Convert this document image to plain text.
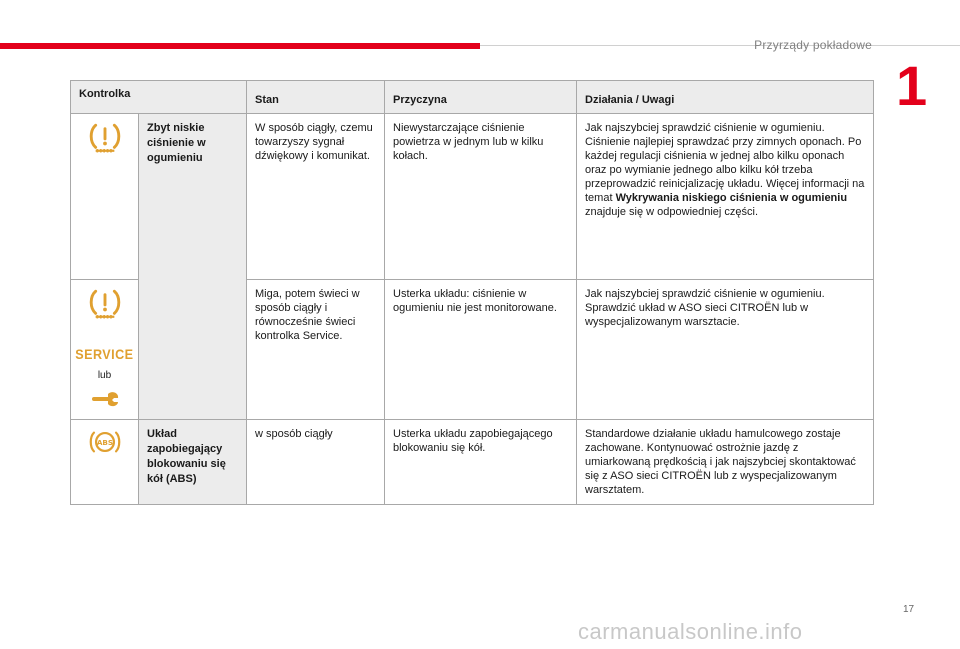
Przyrządy pokładowe
1
Kontrolka		Stan	Przyczyna	Działania / Uwagi

	Zbyt niskie ciśnienie w ogumieniu	W sposób ciągły, czemu towarzyszy sygnał dźwiękowy i komunikat.	Niewystarczające ciśnienie powietrza w jednym lub w kilku kołach.	Jak najszybciej sprawdzić ciśnienie w ogumieniu. Ciśnienie najlepiej sprawdzać przy zimnych oponach. Po każdej regulacji ciśnienia w jednej albo kilku oponach oraz po wymianie jednego albo kilku kół trzeba przeprowadzić reinicjalizację układu. Więcej informacji na temat Wykrywania niskiego ciśnienia w ogumieniu znajduje się w odpowiedniej części.

SERVICE
lub		Miga, potem świeci w sposób ciągły i równocześnie świeci kontrolka Service.	Usterka układu: ciśnienie w ogumieniu nie jest monitorowane.	Jak najszybciej sprawdzić ciśnienie w ogumieniu. Sprawdzić układ w ASO sieci CITROËN lub w wyspecjalizowanym warsztacie.

ABS	Układ zapobiegający blokowaniu się kół (ABS)	w sposób ciągły	Usterka układu zapobiegającego blokowaniu się kół.	Standardowe działanie układu hamulcowego zostaje zachowane. Kontynuować ostrożnie jazdę z umiarkowaną prędkością i jak najszybciej skontaktować się z ASO sieci CITROËN lub z wyspecjalizowanym warsztatem.
17
carmanualsonline.info
